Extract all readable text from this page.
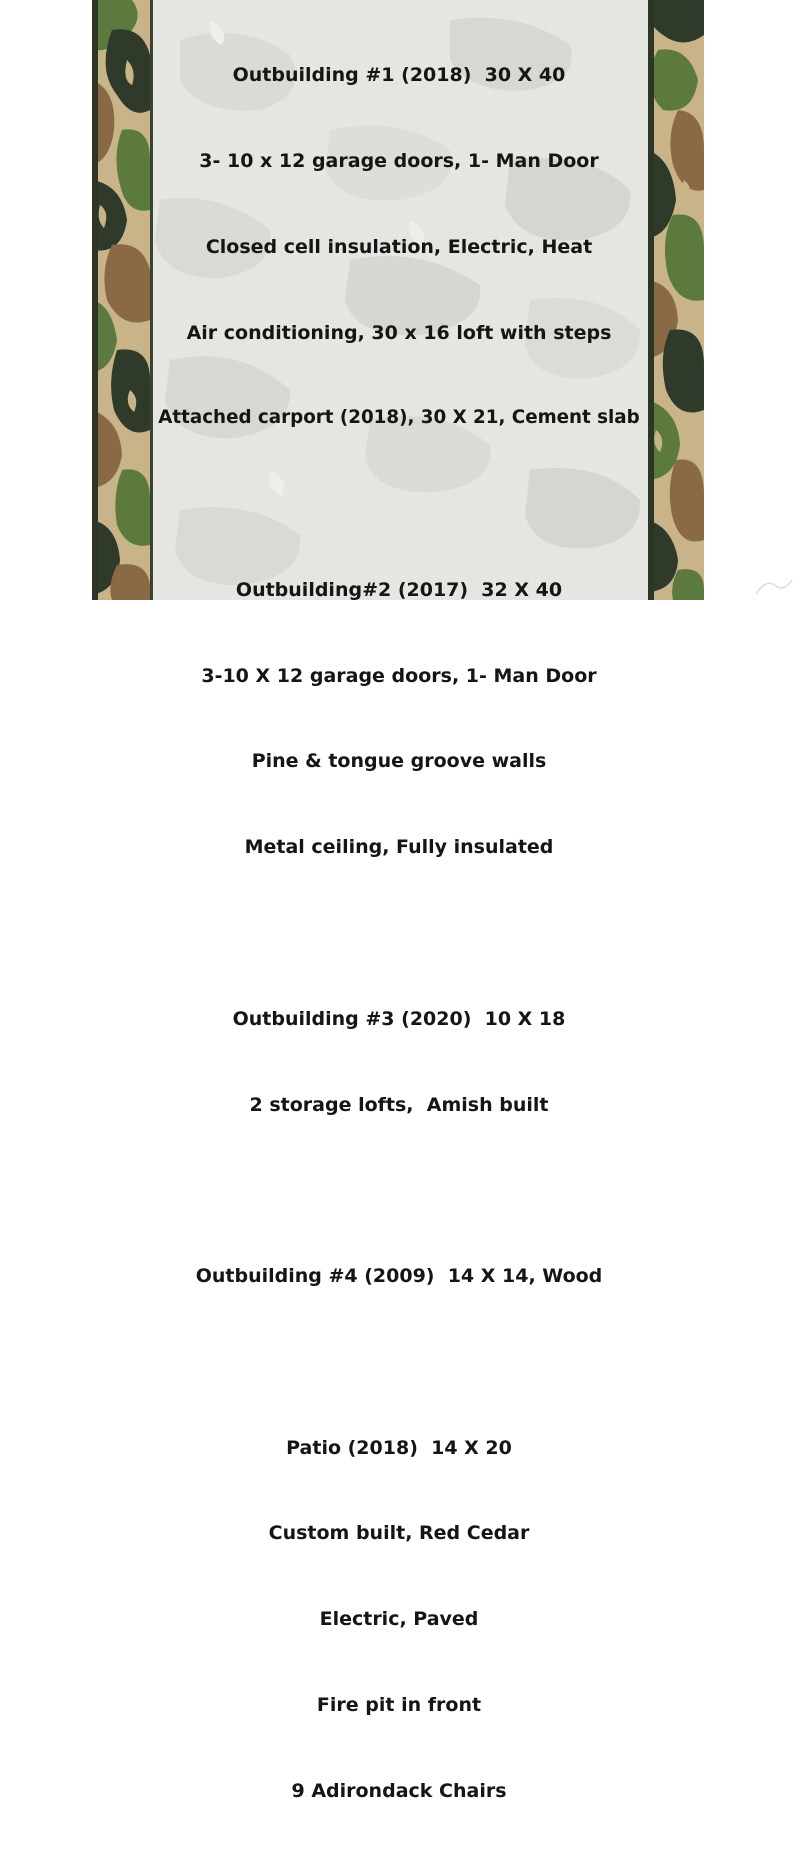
Outbuilding #1 (2018)  30 X 40

3- 10 x 12 garage doors, 1- Man Door

Closed cell insulation, Electric, Heat

Air conditioning, 30 x 16 loft with steps

Attached carport (2018), 30 X 21, Cement slab

Outbuilding#2 (2017)  32 X 40

3-10 X 12 garage doors, 1- Man Door

Pine & tongue groove walls

Metal ceiling, Fully insulated

Outbuilding #3 (2020)  10 X 18

2 storage lofts,  Amish built

Outbuilding #4 (2009)  14 X 14, Wood

Patio (2018)  14 X 20

Custom built, Red Cedar

Electric, Paved

Fire pit in front

9 Adirondack Chairs
